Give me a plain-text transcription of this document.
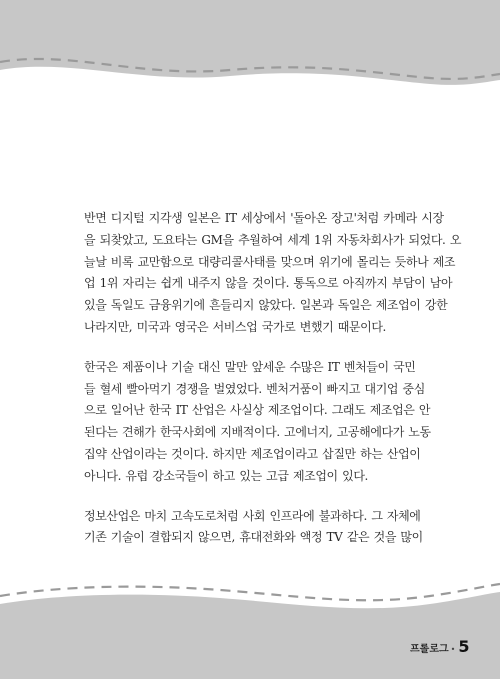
반면 디지털 지각생 일본은 IT 세상에서 '돌아온 장고'처럼 카메라 시장
을 되찾았고, 도요타는 GM을 추월하여 세계 1위 자동차회사가 되었다. 오
늘날 비록 교만함으로 대량리콜사태를 맞으며 위기에 몰리는 듯하나 제조
업 1위 자리는 쉽게 내주지 않을 것이다. 통독으로 아직까지 부담이 남아
있을 독일도 금융위기에 흔들리지 않았다. 일본과 독일은 제조업이 강한
나라지만, 미국과 영국은 서비스업 국가로 변했기 때문이다.

한국은 제품이나 기술 대신 말만 앞세운 수많은 IT 벤처들이 국민
들 혈세 빨아먹기 경쟁을 벌였었다. 벤처거품이 빠지고 대기업 중심
으로 일어난 한국 IT 산업은 사실상 제조업이다. 그래도 제조업은 안
된다는 견해가 한국사회에 지배적이다. 고에너지, 고공해에다가 노동
집약 산업이라는 것이다. 하지만 제조업이라고 삽질만 하는 산업이
아니다. 유럽 강소국들이 하고 있는 고급 제조업이 있다.

정보산업은 마치 고속도로처럼 사회 인프라에 불과하다. 그 자체에
기존 기술이 결합되지 않으면, 휴대전화와 액정 TV 같은 것을 많이

프롤로그 • 5
